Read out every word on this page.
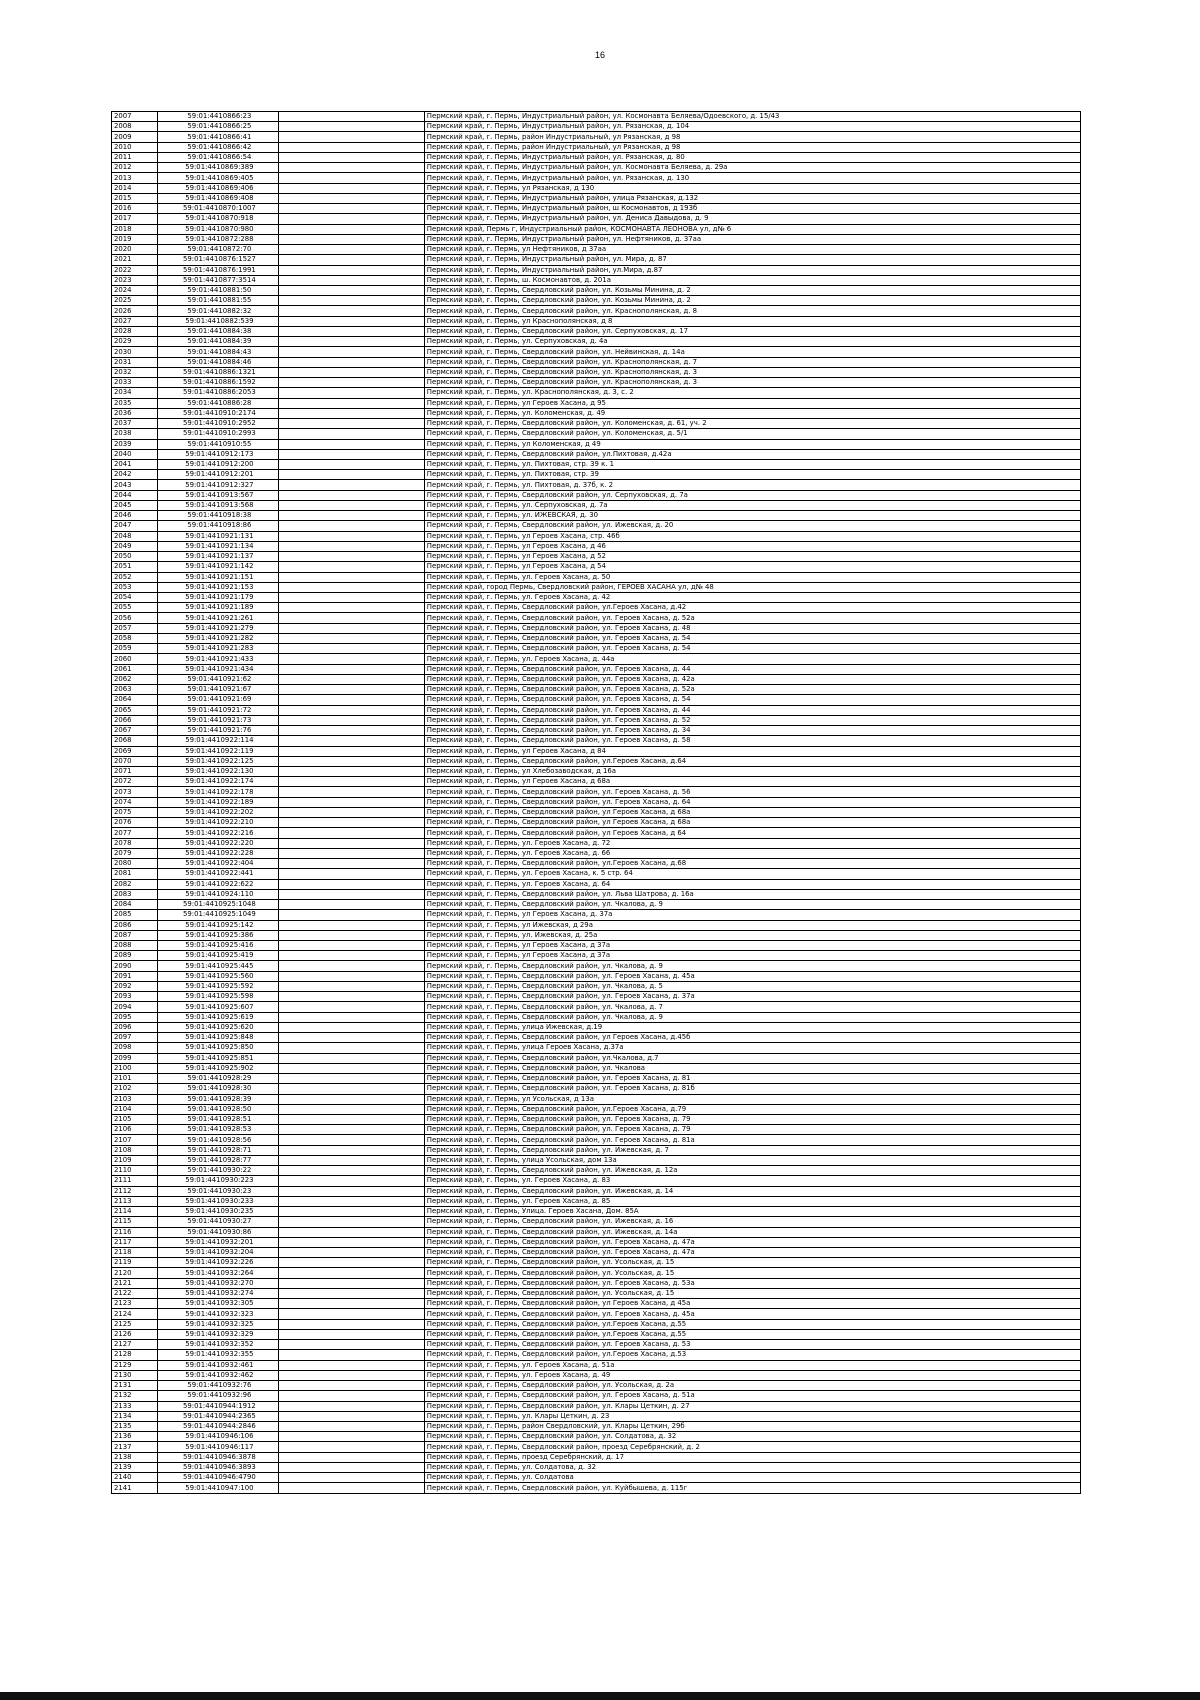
16
2007	59:01:4410866:23			Пермский край, г. Пермь, Индустриальный район, ул. Космонавта Беляева/Одоевского, д. 15/43
2008	59:01:4410866:25			Пермский край, г. Пермь, Индустриальный район, ул. Рязанская, д. 104
2009	59:01:4410866:41			Пермский край, г. Пермь, район Индустриальный, ул Рязанская, д 98
2010	59:01:4410866:42			Пермский край, г. Пермь, район Индустриальный, ул Рязанская, д 98
2011	59:01:4410866:54			Пермский край, г. Пермь, Индустриальный район, ул. Рязанская, д. 80
2012	59:01:4410869:389			Пермский край, г. Пермь, Индустриальный район, ул. Космонавта Беляева, д. 29а
2013	59:01:4410869:405			Пермский край, г. Пермь, Индустриальный район, ул. Рязанская, д. 130
2014	59:01:4410869:406			Пермский край, г. Пермь, ул Рязанская, д 130
2015	59:01:4410869:408			Пермский край, г. Пермь, Индустриальный район, улица Рязанская, д.132
2016	59:01:4410870:1007			Пермский край, г. Пермь, Индустриальный район, ш Космонавтов, д 193б
2017	59:01:4410870:918			Пермский край, г. Пермь, Индустриальный район, ул. Дениса Давыдова, д. 9
2018	59:01:4410870:980			Пермский край, Пермь г, Индустриальный район, КОСМОНАВТА ЛЕОНОВА ул, д№ 6
2019	59:01:4410872:288			Пермский край, г. Пермь, Индустриальный район, ул. Нефтяников, д. 37аа
2020	59:01:4410872:70			Пермский край, г. Пермь, ул Нефтяников, д 37аа
2021	59:01:4410876:1527			Пермский край, г. Пермь, Индустриальный район, ул. Мира, д. 87
2022	59:01:4410876:1991			Пермский край, г. Пермь, Индустриальный район, ул.Мира, д.87
2023	59:01:4410877:3514			Пермский край, г. Пермь, ш. Космонавтов, д. 201а
2024	59:01:4410881:50			Пермский край, г. Пермь, Свердловский район, ул. Козьмы Минина, д. 2
2025	59:01:4410881:55			Пермский край, г. Пермь, Свердловский район, ул. Козьмы Минина, д. 2
2026	59:01:4410882:32			Пермский край, г. Пермь, Свердловский район, ул. Краснополянская, д. 8
2027	59:01:4410882:539			Пермский край, г. Пермь, ул Краснополянская, д 8
2028	59:01:4410884:38			Пермский край, г. Пермь, Свердловский район, ул. Серпуховская, д. 17
2029	59:01:4410884:39			Пермский край, г. Пермь, ул. Серпуховская, д. 4а
2030	59:01:4410884:43			Пермский край, г. Пермь, Свердловский район, ул. Нейвинская, д. 14а
2031	59:01:4410884:46			Пермский край, г. Пермь, Свердловский район, ул. Краснополянская, д. 7
2032	59:01:4410886:1321			Пермский край, г. Пермь, Свердловский район, ул. Краснополянская, д. 3
2033	59:01:4410886:1592			Пермский край, г. Пермь, Свердловский район, ул. Краснополянская, д. 3
2034	59:01:4410886:2053			Пермский край, г. Пермь, ул. Краснополянская, д. 3, с. 2
2035	59:01:4410886:28			Пермский край, г. Пермь, ул Героев Хасана, д 95
2036	59:01:4410910:2174			Пермский край, г. Пермь, ул. Коломенская, д. 49
2037	59:01:4410910:2952			Пермский край, г. Пермь, Свердловский район, ул. Коломенская, д. 61, уч. 2
2038	59:01:4410910:2993			Пермский край, г. Пермь, Свердловский район, ул. Коломенская, д. 5/1
2039	59:01:4410910:55			Пермский край, г. Пермь, ул Коломенская, д 49
2040	59:01:4410912:173			Пермский край, г. Пермь, Свердловский район, ул.Пихтовая, д.42а
2041	59:01:4410912:200			Пермский край, г. Пермь, ул. Пихтовая, стр. 39 к. 1
2042	59:01:4410912:201			Пермский край, г. Пермь, ул. Пихтовая, стр. 39
2043	59:01:4410912:327			Пермский край, г. Пермь, ул. Пихтовая, д. 37б, к. 2
2044	59:01:4410913:567			Пермский край, г. Пермь, Свердловский район, ул. Серпуховская, д. 7а
2045	59:01:4410913:568			Пермский край, г. Пермь, ул. Серпуховская, д. 7а
2046	59:01:4410918:38			Пермский край, г. Пермь, ул. ИЖЕВСКАЯ, д. 30
2047	59:01:4410918:86			Пермский край, г. Пермь, Свердловский район, ул. Ижевская, д. 20
2048	59:01:4410921:131			Пермский край, г. Пермь, ул Героев Хасана, стр. 46б
2049	59:01:4410921:134			Пермский край, г. Пермь, ул Героев Хасана, д 46
2050	59:01:4410921:137			Пермский край, г. Пермь, ул Героев Хасана, д 52
2051	59:01:4410921:142			Пермский край, г. Пермь, ул Героев Хасана, д 54
2052	59:01:4410921:151			Пермский край, г. Пермь, ул. Героев Хасана, д. 50
2053	59:01:4410921:153			Пермский край, город Пермь, Свердловский район, ГЕРОЕВ ХАСАНА ул, д№ 48
2054	59:01:4410921:179			Пермский край, г. Пермь, ул. Героев Хасана, д. 42
2055	59:01:4410921:189			Пермский край, г. Пермь, Свердловский район, ул.Героев Хасана, д.42
2056	59:01:4410921:261			Пермский край, г. Пермь, Свердловский район, ул. Героев Хасана, д. 52а
2057	59:01:4410921:279			Пермский край, г. Пермь, Свердловский район, ул. Героев Хасана, д. 48
2058	59:01:4410921:282			Пермский край, г. Пермь, Свердловский район, ул. Героев Хасана, д. 54
2059	59:01:4410921:283			Пермский край, г. Пермь, Свердловский район, ул. Героев Хасана, д. 54
2060	59:01:4410921:433			Пермский край, г. Пермь, ул. Героев Хасана, д. 44а
2061	59:01:4410921:434			Пермский край, г. Пермь, Свердловский район, ул. Героев Хасана, д. 44
2062	59:01:4410921:62			Пермский край, г. Пермь, Свердловский район, ул. Героев Хасана, д. 42а
2063	59:01:4410921:67			Пермский край, г. Пермь, Свердловский район, ул. Героев Хасана, д. 52а
2064	59:01:4410921:69			Пермский край, г. Пермь, Свердловский район, ул. Героев Хасана, д. 54
2065	59:01:4410921:72			Пермский край, г. Пермь, Свердловский район, ул. Героев Хасана, д. 44
2066	59:01:4410921:73			Пермский край, г. Пермь, Свердловский район, ул. Героев Хасана, д. 52
2067	59:01:4410921:76			Пермский край, г. Пермь, Свердловский район, ул. Героев Хасана, д. 34
2068	59:01:4410922:114			Пермский край, г. Пермь, Свердловский район, ул. Героев Хасана, д. 58
2069	59:01:4410922:119			Пермский край, г. Пермь, ул Героев Хасана, д 84
2070	59:01:4410922:125			Пермский край, г. Пермь, Свердловский район, ул.Героев Хасана, д.64
2071	59:01:4410922:130			Пермский край, г. Пермь, ул Хлебозаводская, д 16а
2072	59:01:4410922:174			Пермский край, г. Пермь, ул Героев Хасана, д 68а
2073	59:01:4410922:178			Пермский край, г. Пермь, Свердловский район, ул. Героев Хасана, д. 56
2074	59:01:4410922:189			Пермский край, г. Пермь, Свердловский район, ул. Героев Хасана, д. 64
2075	59:01:4410922:202			Пермский край, г. Пермь, Свердловский район, ул Героев Хасана, д 68а
2076	59:01:4410922:210			Пермский край, г. Пермь, Свердловский район, ул Героев Хасана, д 68а
2077	59:01:4410922:216			Пермский край, г. Пермь, Свердловский район, ул Героев Хасана, д 64
2078	59:01:4410922:220			Пермский край, г. Пермь, ул. Героев Хасана, д. 72
2079	59:01:4410922:228			Пермский край, г. Пермь, ул. Героев Хасана, д. 66
2080	59:01:4410922:404			Пермский край, г. Пермь, Свердловский район, ул.Героев Хасана, д.68
2081	59:01:4410922:441			Пермский край, г. Пермь, ул. Героев Хасана, к. 5 стр. 64
2082	59:01:4410922:622			Пермский край, г. Пермь, ул. Героев Хасана, д. 64
2083	59:01:4410924:110			Пермский край, г. Пермь, Свердловский район, ул. Льва Шатрова, д. 16а
2084	59:01:4410925:1048			Пермский край, г. Пермь, Свердловский район, ул. Чкалова, д. 9
2085	59:01:4410925:1049			Пермский край, г. Пермь, ул Героев Хасана, д. 37а
2086	59:01:4410925:142			Пермский край, г. Пермь, ул Ижевская, д 29а
2087	59:01:4410925:386			Пермский край, г. Пермь, ул. Ижевская, д. 25а
2088	59:01:4410925:416			Пермский край, г. Пермь, ул Героев Хасана, д 37а
2089	59:01:4410925:419			Пермский край, г. Пермь, ул Героев Хасана, д 37а
2090	59:01:4410925:445			Пермский край, г. Пермь, Свердловский район, ул. Чкалова, д. 9
2091	59:01:4410925:560			Пермский край, г. Пермь, Свердловский район, ул. Героев Хасана, д. 45а
2092	59:01:4410925:592			Пермский край, г. Пермь, Свердловский район, ул. Чкалова, д. 5
2093	59:01:4410925:598			Пермский край, г. Пермь, Свердловский район, ул. Героев Хасана, д. 37а
2094	59:01:4410925:607			Пермский край, г. Пермь, Свердловский район, ул. Чкалова, д. 7
2095	59:01:4410925:619			Пермский край, г. Пермь, Свердловский район, ул. Чкалова, д. 9
2096	59:01:4410925:620			Пермский край, г. Пермь, улица Ижевская, д.19
2097	59:01:4410925:848			Пермский край, г. Пермь, Свердловский район, ул Героев Хасана, д.45б
2098	59:01:4410925:850			Пермский край, г. Пермь, улица Героев Хасана, д.37а
2099	59:01:4410925:851			Пермский край, г. Пермь, Свердловский район, ул.Чкалова, д.7
2100	59:01:4410925:902			Пермский край, г. Пермь, Свердловский район, ул. Чкалова
2101	59:01:4410928:29			Пермский край, г. Пермь, Свердловский район, ул. Героев Хасана, д. 81
2102	59:01:4410928:30			Пермский край, г. Пермь, Свердловский район, ул. Героев Хасана, д. 81б
2103	59:01:4410928:39			Пермский край, г. Пермь, ул Усольская, д 13а
2104	59:01:4410928:50			Пермский край, г. Пермь, Свердловский район, ул.Героев Хасана, д.79
2105	59:01:4410928:51			Пермский край, г. Пермь, Свердловский район, ул. Героев Хасана, д. 79
2106	59:01:4410928:53			Пермский край, г. Пермь, Свердловский район, ул. Героев Хасана, д. 79
2107	59:01:4410928:56			Пермский край, г. Пермь, Свердловский район, ул. Героев Хасана, д. 81а
2108	59:01:4410928:71			Пермский край, г. Пермь, Свердловский район, ул. Ижевская, д. 7
2109	59:01:4410928:77			Пермский край, г. Пермь, улица Усольская, дом 13а
2110	59:01:4410930:22			Пермский край, г. Пермь, Свердловский район, ул. Ижевская, д. 12а
2111	59:01:4410930:223			Пермский край, г. Пермь, ул. Героев Хасана, д. 83
2112	59:01:4410930:23			Пермский край, г. Пермь, Свердловский район, ул. Ижевская, д. 14
2113	59:01:4410930:233			Пермский край, г. Пермь, ул. Героев Хасана, д. 85
2114	59:01:4410930:235			Пермский край, г. Пермь, Улица. Героев Хасана, Дом. 85А
2115	59:01:4410930:27			Пермский край, г. Пермь, Свердловский район, ул. Ижевская, д. 16
2116	59:01:4410930:86			Пермский край, г. Пермь, Свердловский район, ул. Ижевская, д. 14а
2117	59:01:4410932:201			Пермский край, г. Пермь, Свердловский район, ул. Героев Хасана, д. 47а
2118	59:01:4410932:204			Пермский край, г. Пермь, Свердловский район, ул. Героев Хасана, д. 47а
2119	59:01:4410932:226			Пермский край, г. Пермь, Свердловский район, ул. Усольская, д. 15
2120	59:01:4410932:264			Пермский край, г. Пермь, Свердловский район, ул. Усольская, д. 15
2121	59:01:4410932:270			Пермский край, г. Пермь, Свердловский район, ул. Героев Хасана, д. 53а
2122	59:01:4410932:274			Пермский край, г. Пермь, Свердловский район, ул. Усольская, д. 15
2123	59:01:4410932:305			Пермский край, г. Пермь, Свердловский район, ул Героев Хасана, д 45а
2124	59:01:4410932:323			Пермский край, г. Пермь, Свердловский район, ул. Героев Хасана, д. 45а
2125	59:01:4410932:325			Пермский край, г. Пермь, Свердловский район, ул.Героев Хасана, д.55
2126	59:01:4410932:329			Пермский край, г. Пермь, Свердловский район, ул.Героев Хасана, д.55
2127	59:01:4410932:352			Пермский край, г. Пермь, Свердловский район, ул. Героев Хасана, д. 53
2128	59:01:4410932:355			Пермский край, г. Пермь, Свердловский район, ул.Героев Хасана, д.53
2129	59:01:4410932:461			Пермский край, г. Пермь, ул. Героев Хасана, д. 51а
2130	59:01:4410932:462			Пермский край, г. Пермь, ул. Героев Хасана, д. 49
2131	59:01:4410932:76			Пермский край, г. Пермь, Свердловский район, ул. Усольская, д. 2а
2132	59:01:4410932:96			Пермский край, г. Пермь, Свердловский район, ул. Героев Хасана, д. 51а
2133	59:01:4410944:1912			Пермский край, г. Пермь, Свердловский район, ул. Клары Цеткин, д. 27
2134	59:01:4410944:2365			Пермский край, г. Пермь, ул. Клары Цеткин, д. 23
2135	59:01:4410944:2846			Пермский край, г. Пермь, район Свердловский, ул. Клары Цеткин, 29б
2136	59:01:4410946:106			Пермский край, г. Пермь, Свердловский район, ул. Солдатова, д. 32
2137	59:01:4410946:117			Пермский край, г. Пермь, Свердловский район, проезд Серебрянский, д. 2
2138	59:01:4410946:3878			Пермский край, г. Пермь, проезд Серебрянский, д. 17
2139	59:01:4410946:3893			Пермский край, г. Пермь, ул. Солдатова, д. 32
2140	59:01:4410946:4790			Пермский край, г. Пермь, ул. Солдатова
2141	59:01:4410947:100			Пермский край, г. Пермь, Свердловский район, ул. Куйбышева, д. 115г
